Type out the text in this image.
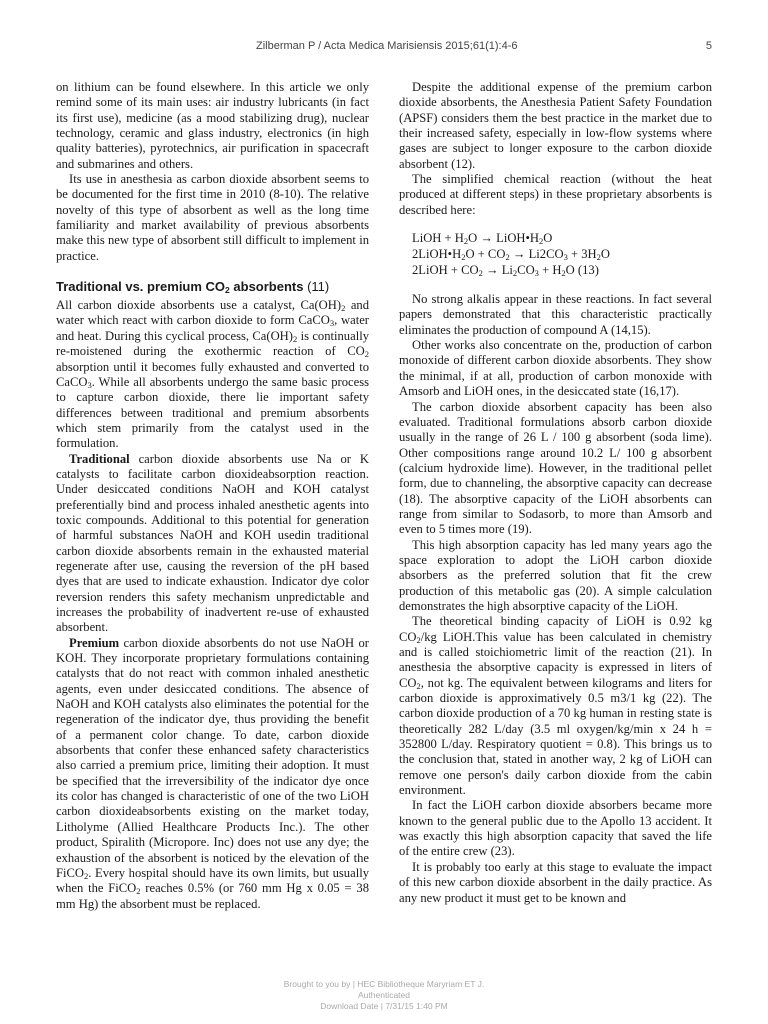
Zilberman P / Acta Medica Marisiensis 2015;61(1):4-6	5

on lithium can be found elsewhere. In this article we only remind some of its main uses: air industry lubricants (in fact its first use), medicine (as a mood stabilizing drug), nuclear technology, ceramic and glass industry, electronics (in high quality batteries), pyrotechnics, air purification in spacecraft and submarines and others.

Its use in anesthesia as carbon dioxide absorbent seems to be documented for the first time in 2010 (8-10). The relative novelty of this type of absorbent as well as the long time familiarity and market availability of previous absorbents make this new type of absorbent still difficult to implement in practice.

Traditional vs. premium $CO_2$ absorbents (11)

All carbon dioxide absorbents use a catalyst, $Ca(OH)_2$ and water which react with carbon dioxide to form CaCO$_3$, water and heat. During this cyclical process, $Ca(OH)_2$ is continually re-moistened during the exothermic reaction of $CO_2$ absorption until it becomes fully exhausted and converted to CaCO$_3$. While all absorbents undergo the same basic process to capture carbon dioxide, there lie important safety differences between traditional and premium absorbents which stem primarily from the catalyst used in the formulation.

Traditional carbon dioxide absorbents use Na or K catalysts to facilitate carbon dioxideabsorption reaction. Under desiccated conditions NaOH and KOH catalyst preferentially bind and process inhaled anesthetic agents into toxic compounds. Additional to this potential for generation of harmful substances NaOH and KOH usedin traditional carbon dioxide absorbents remain in the exhausted material regenerate after use, causing the reversion of the pH based dyes that are used to indicate exhaustion. Indicator dye color reversion renders this safety mechanism unpredictable and increases the probability of inadvertent re-use of exhausted absorbent.

Premium carbon dioxide absorbents do not use NaOH or KOH. They incorporate proprietary formulations containing catalysts that do not react with common inhaled anesthetic agents, even under desiccated conditions. The absence of NaOH and KOH catalysts also eliminates the potential for the regeneration of the indicator dye, thus providing the benefit of a permanent color change. To date, carbon dioxide absorbents that confer these enhanced safety characteristics also carried a premium price, limiting their adoption. It must be specified that the irreversibility of the indicator dye once its color has changed is characteristic of one of the two LiOH carbon dioxideabsorbents existing on the market today, Litholyme (Allied Healthcare Products Inc.). The other product, Spiralith (Micropore. Inc) does not use any dye; the exhaustion of the absorbent is noticed by the elevation of the FiCO$_2$. Every hospital should have its own limits, but usually when the FiCO$_2$ reaches 0.5% (or 760 mm Hg x 0.05 = 38 mm Hg) the absorbent must be replaced.

Despite the additional expense of the premium carbon dioxide absorbents, the Anesthesia Patient Safety Foundation (APSF) considers them the best practice in the market due to their increased safety, especially in low-flow systems where gases are subject to longer exposure to the carbon dioxide absorbent (12).

The simplified chemical reaction (without the heat produced at different steps) in these proprietary absorbents is described here:

LiOH + $H_2O$ → $LiOH•H_2O$

$2LiOH•H_2O + CO_2 \to Li2CO_3 + 3H_2O$

2LiOH + $CO_2 \to Li_2CO_3 + H_2O$ (13)

No strong alkalis appear in these reactions. In fact several papers demonstrated that this characteristic practically eliminates the production of compound A (14,15).

Other works also concentrate on the, production of carbon monoxide of different carbon dioxide absorbents. They show the minimal, if at all, production of carbon monoxide with Amsorb and LiOH ones, in the desiccated state (16,17).

The carbon dioxide absorbent capacity has been also evaluated. Traditional formulations absorb carbon dioxide usually in the range of 26 L / 100 g absorbent (soda lime). Other compositions range around 10.2 L/ 100 g absorbent (calcium hydroxide lime). However, in the traditional pellet form, due to channeling, the absorptive capacity can decrease (18). The absorptive capacity of the LiOH absorbents can range from similar to Sodasorb, to more than Amsorb and even to 5 times more (19).

This high absorption capacity has led many years ago the space exploration to adopt the LiOH carbon dioxide absorbers as the preferred solution that fit the crew production of this metabolic gas (20). A simple calculation demonstrates the high absorptive capacity of the LiOH.

The theoretical binding capacity of LiOH is 0.92 kg $CO_2/kg$ LiOH.This value has been calculated in chemistry and is called stoichiometric limit of the reaction (21). In anesthesia the absorptive capacity is expressed in liters of $CO_2$, not kg. The equivalent between kilograms and liters for carbon dioxide is approximatively 0.5 m3/1 kg (22). The carbon dioxide production of a 70 kg human in resting state is theoretically 282 L/day (3.5 ml oxygen/kg/min x 24 h = 352800 L/day. Respiratory quotient = 0.8). This brings us to the conclusion that, stated in another way, 2 kg of LiOH can remove one person's daily carbon dioxide from the cabin environment.

In fact the LiOH carbon dioxide absorbers became more known to the general public due to the Apollo 13 accident. It was exactly this high absorption capacity that saved the life of the entire crew (23).

It is probably too early at this stage to evaluate the impact of this new carbon dioxide absorbent in the daily practice. As any new product it must get to be known and

Brought to you by | HEC Bibliotheque Maryriam ET J.
Authenticated
Download Date | 7/31/15 1:40 PM
